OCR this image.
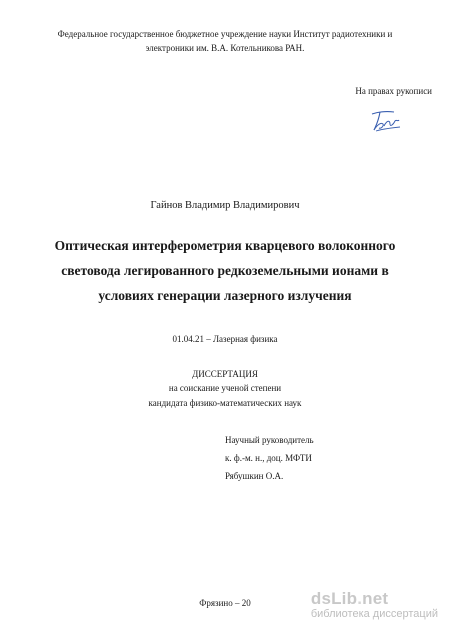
Федеральное государственное бюджетное учреждение науки Институт радиотехники и
электроники им. В.А. Котельникова РАН.
На правах рукописи
Гайнов Владимир Владимирович
Оптическая интерферометрия кварцевого волоконного
световода легированного редкоземельными ионами в
условиях генерации лазерного излучения
01.04.21 – Лазерная физика
ДИССЕРТАЦИЯ
на соискание ученой степени
кандидата физико-математических наук
Научный руководитель
к. ф.-м. н., доц. МФТИ
Рябушкин О.А.
Фрязино – 20	dsLib.net
библиотека диссертаций
